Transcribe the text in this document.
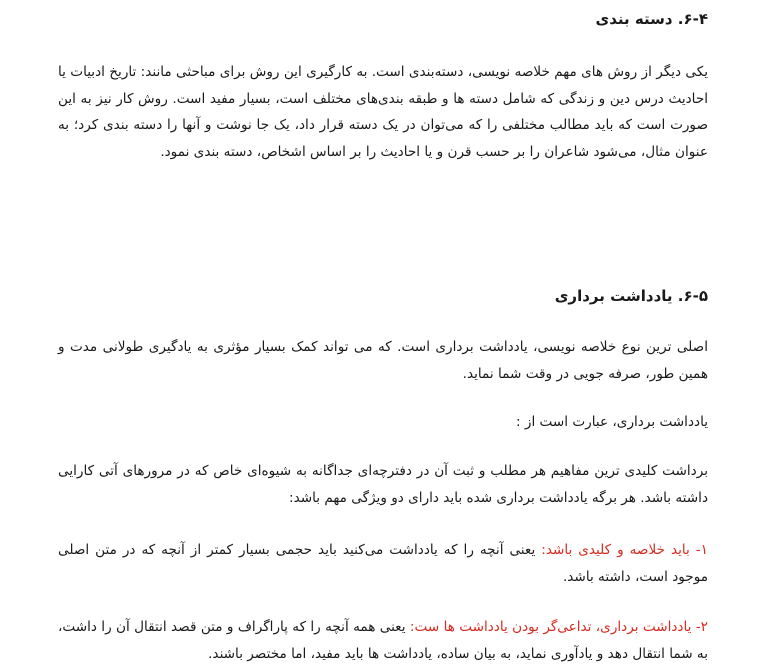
۶-۴. دسته بندی
یکی دیگر از روش های مهم خلاصه نویسی، دسته‌بندی است. به کارگیری این روش برای مباحثی مانند: تاریخ ادبیات یا احادیث درس دین و زندگی که شامل دسته ها و طبقه بندی‌های مختلف است، بسیار مفید است. روش کار نیز به این صورت است که باید مطالب مختلفی را که می‌توان در یک دسته قرار داد، یک جا نوشت و آنها را دسته بندی کرد؛ به عنوان مثال، می‌شود شاعران را بر حسب قرن و یا احادیث را بر اساس اشخاص، دسته بندی نمود.
۶-۵. یادداشت برداری
اصلی ترین نوع خلاصه نویسی، یادداشت برداری است. که می تواند کمک بسیار مؤثری به یادگیری طولانی مدت و همین طور، صرفه جویی در وقت شما نماید.
یادداشت برداری، عبارت است از :
برداشت کلیدی ترین مفاهیم هر مطلب و ثبت آن در دفترچه‌ای جداگانه به شیوه‌ای خاص که در مرورهای آتی کارایی داشته باشد. هر برگه یادداشت برداری شده باید دارای دو ویژگی مهم باشد:
۱- باید خلاصه و کلیدی باشد: یعنی آنچه را که یادداشت می‌کنید باید حجمی بسیار کمتر از آنچه که در متن اصلی موجود است، داشته باشد.
۲- یادداشت برداری، تداعی‌گر بودن یادداشت ها ست: یعنی همه آنچه را که پاراگراف و متن قصد انتقال آن را داشت، به شما انتقال دهد و یادآوری نماید، به بیان ساده، یادداشت ها باید مفید، اما مختصر باشند.
